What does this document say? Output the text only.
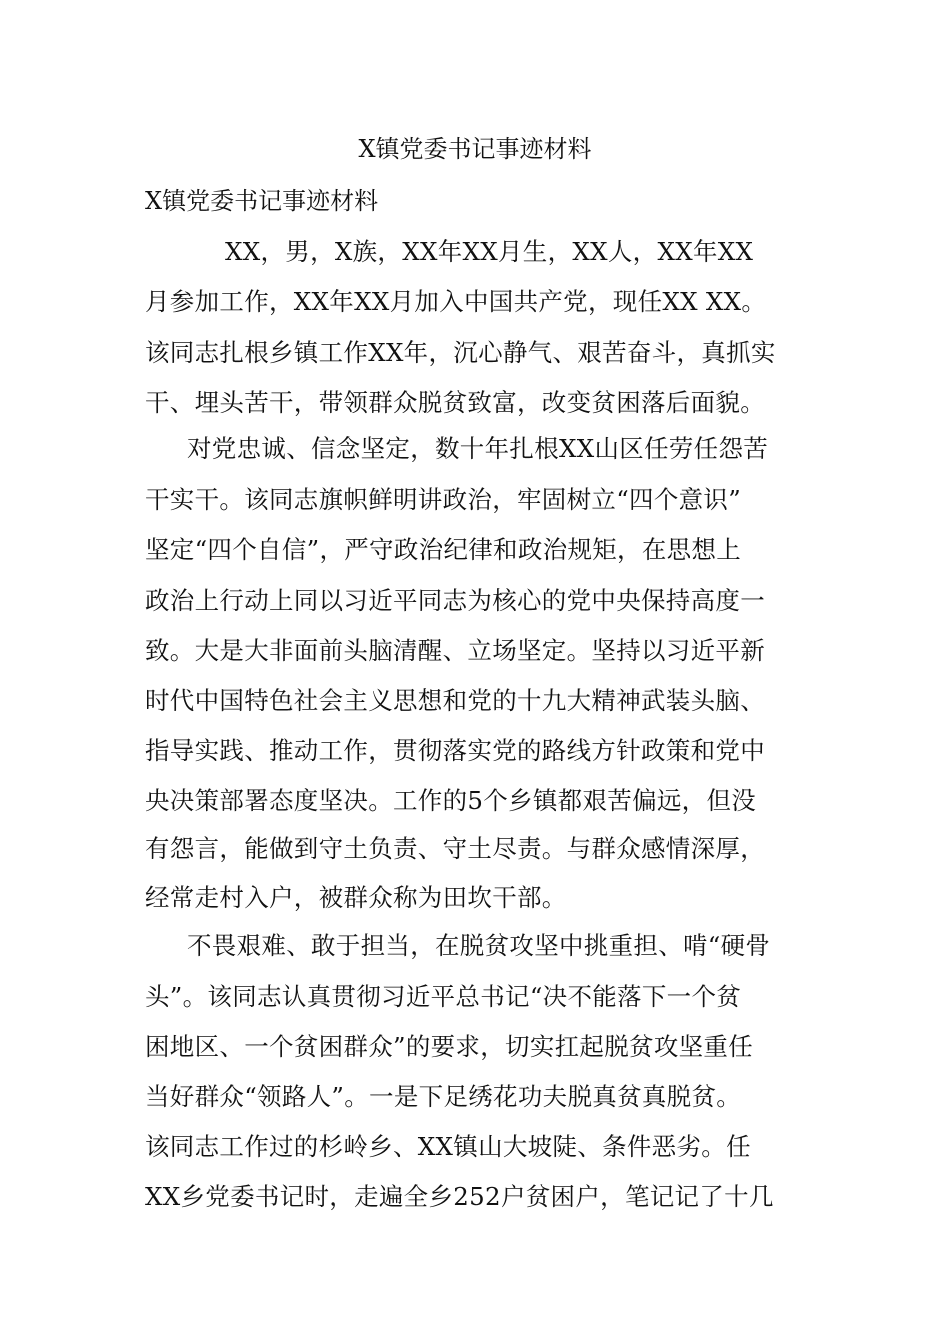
X镇党委书记事迹材料
X镇党委书记事迹材料
XX，男，X族，XX年XX月生，XX人，XX年XX
月参加工作，XX年XX月加入中国共产党，现任XX XX。
该同志扎根乡镇工作XX年，沉心静气、艰苦奋斗，真抓实
干、埋头苦干，带领群众脱贫致富，改变贫困落后面貌。
对党忠诚、信念坚定，数十年扎根XX山区任劳任怨苦
干实干。该同志旗帜鲜明讲政治，牢固树立“四个意识”
坚定“四个自信”，严守政治纪律和政治规矩，在思想上
政治上行动上同以习近平同志为核心的党中央保持高度一
致。大是大非面前头脑清醒、立场坚定。坚持以习近平新
时代中国特色社会主义思想和党的十九大精神武装头脑、
指导实践、推动工作，贯彻落实党的路线方针政策和党中
央决策部署态度坚决。工作的5个乡镇都艰苦偏远，但没
有怨言，能做到守土负责、守土尽责。与群众感情深厚，
经常走村入户，被群众称为田坎干部。
不畏艰难、敢于担当，在脱贫攻坚中挑重担、啃“硬骨
头”。该同志认真贯彻习近平总书记“决不能落下一个贫
困地区、一个贫困群众”的要求，切实扛起脱贫攻坚重任
当好群众“领路人”。一是下足绣花功夫脱真贫真脱贫。
该同志工作过的杉岭乡、XX镇山大坡陡、条件恶劣。任
XX乡党委书记时，走遍全乡252户贫困户，笔记记了十几
